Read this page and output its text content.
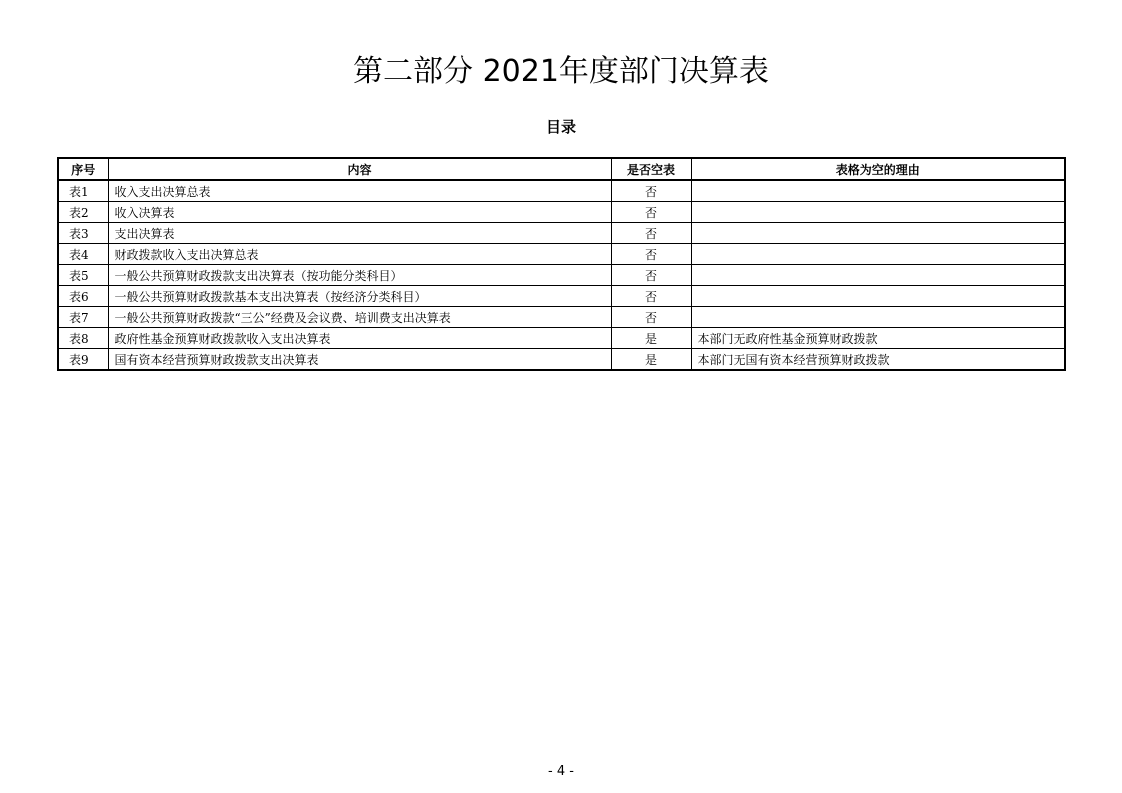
第二部分 2021年度部门决算表
目录
序号	内容	是否空表	表格为空的理由
表1	收入支出决算总表	否	
表2	收入决算表	否	
表3	支出决算表	否	
表4	财政拨款收入支出决算总表	否	
表5	一般公共预算财政拨款支出决算表（按功能分类科目）	否	
表6	一般公共预算财政拨款基本支出决算表（按经济分类科目）	否	
表7	一般公共预算财政拨款“三公”经费及会议费、培训费支出决算表	否	
表8	政府性基金预算财政拨款收入支出决算表	是	本部门无政府性基金预算财政拨款
表9	国有资本经营预算财政拨款支出决算表	是	本部门无国有资本经营预算财政拨款
- 4 -
